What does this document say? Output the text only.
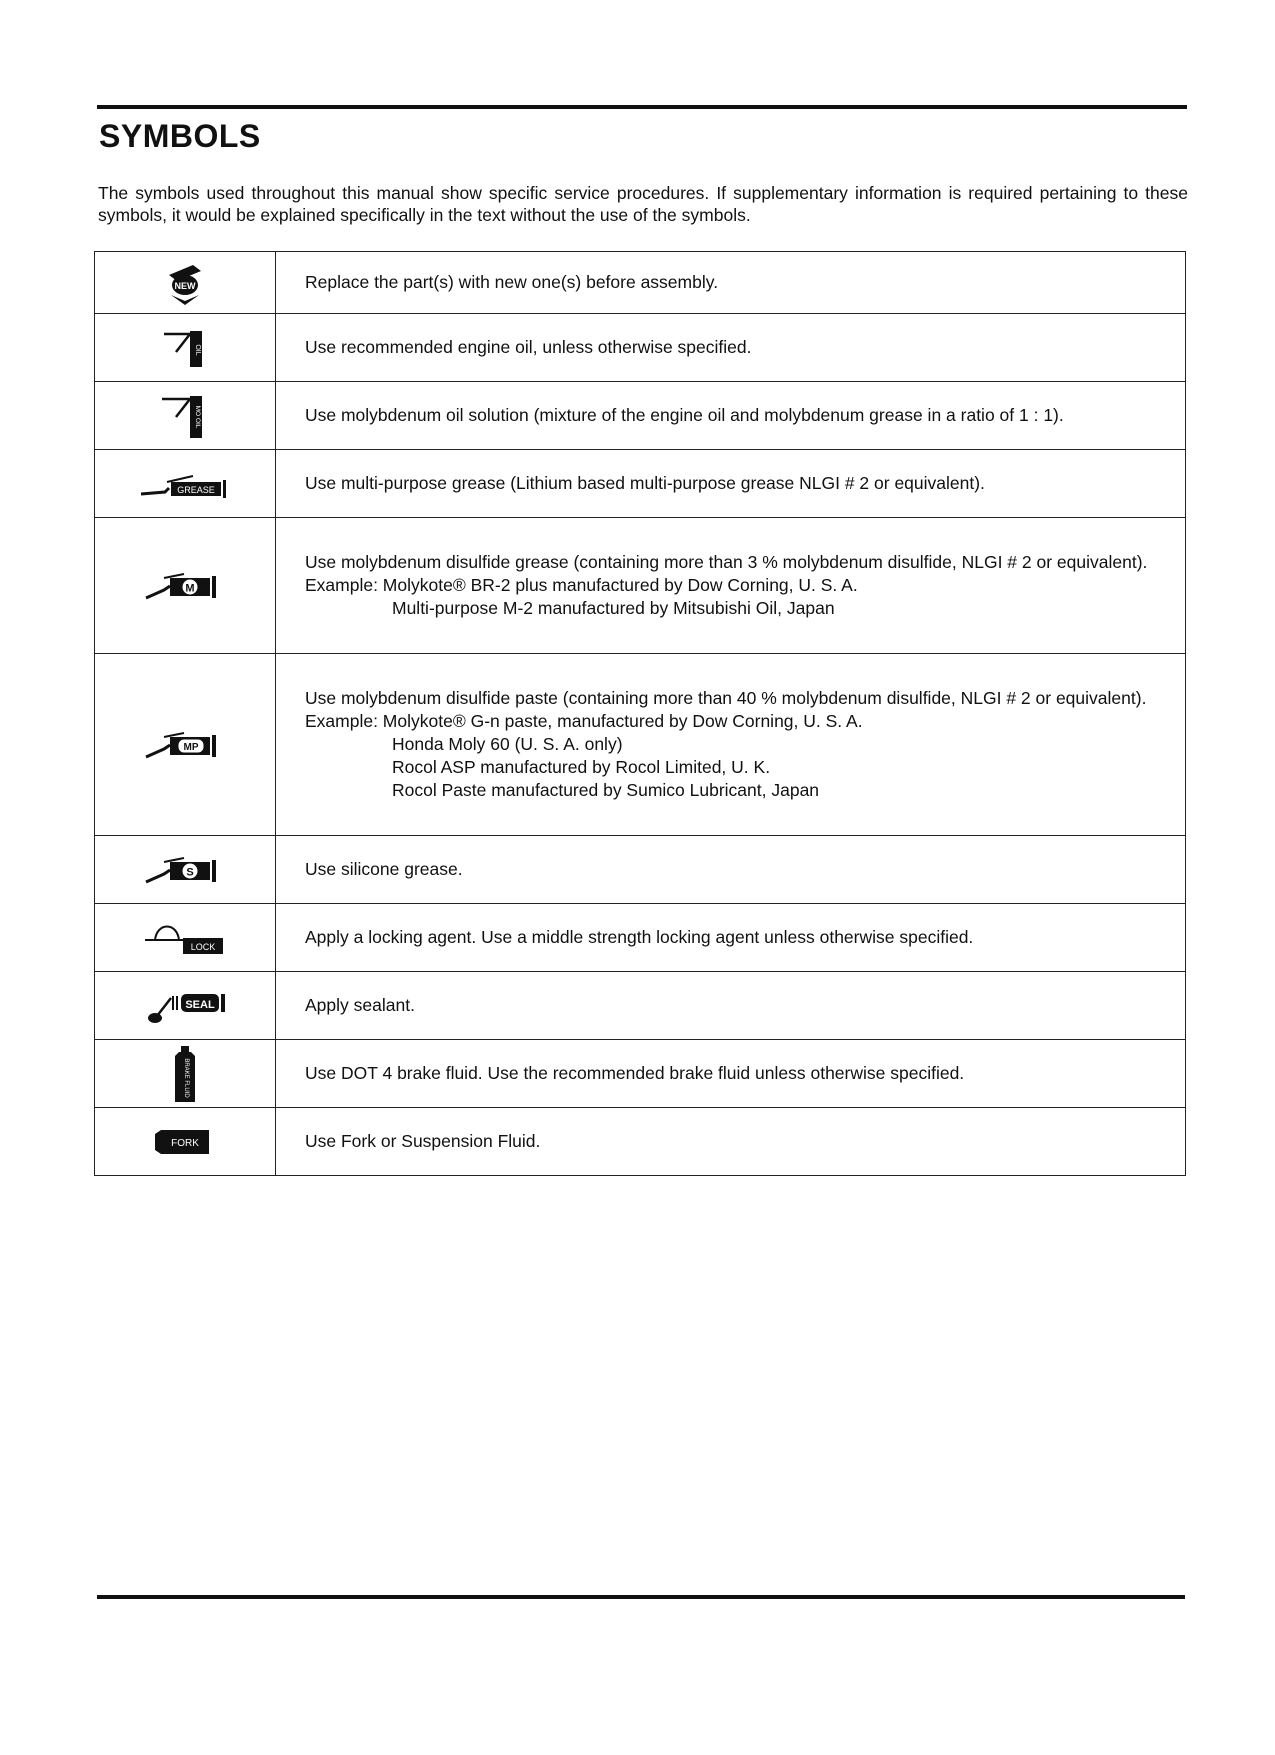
SYMBOLS

The symbols used throughout this manual show specific service procedures. If supplementary information is required pertaining to these symbols, it would be explained specifically in the text without the use of the symbols.

NEW	Replace the part(s) with new one(s) before assembly.

OIL	Use recommended engine oil, unless otherwise specified.

MO OIL	Use molybdenum oil solution (mixture of the engine oil and molybdenum grease in a ratio of 1 : 1).

GREASE	Use multi-purpose grease (Lithium based multi-purpose grease NLGI # 2 or equivalent).

M	Use molybdenum disulfide grease (containing more than 3 % molybdenum disulfide, NLGI # 2 or equivalent).
Example: Molykote® BR-2 plus manufactured by Dow Corning, U. S. A.
Multi-purpose M-2 manufactured by Mitsubishi Oil, Japan

MP	Use molybdenum disulfide paste (containing more than 40 % molybdenum disulfide, NLGI # 2 or equivalent).
Example: Molykote® G-n paste, manufactured by Dow Corning, U. S. A.
Honda Moly 60 (U. S. A. only)
Rocol ASP manufactured by Rocol Limited, U. K.
Rocol Paste manufactured by Sumico Lubricant, Japan

S	Use silicone grease.

LOCK	Apply a locking agent. Use a middle strength locking agent unless otherwise specified.

SEAL	Apply sealant.

BRAKE FLUID	Use DOT 4 brake fluid. Use the recommended brake fluid unless otherwise specified.

FORK	Use Fork or Suspension Fluid.
